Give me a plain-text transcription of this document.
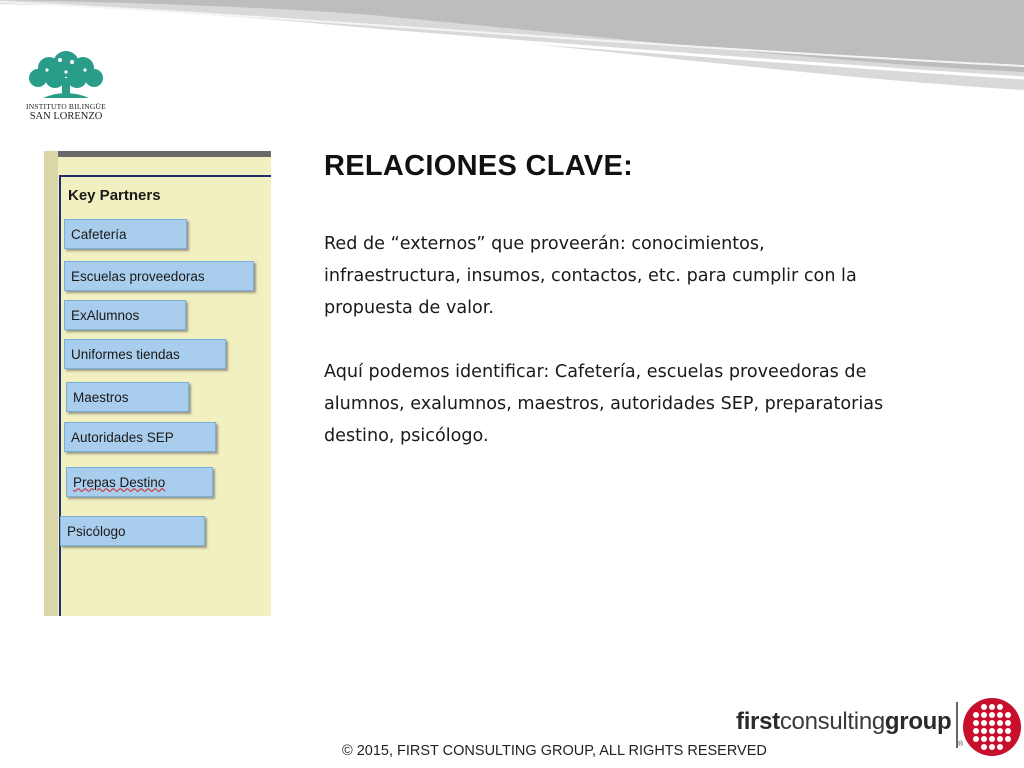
INSTITUTO BILINGÜE
SAN LORENZO
Key Partners
Cafetería
Escuelas proveedoras
ExAlumnos
Uniformes tiendas
Maestros
Autoridades SEP
Prepas Destino
Psicólogo
RELACIONES CLAVE:

Red de “externos” que proveerán: conocimientos, infraestructura, insumos, contactos, etc. para cumplir con la propuesta de valor.

Aquí podemos identificar: Cafetería, escuelas proveedoras de alumnos, exalumnos, maestros, autoridades SEP, preparatorias destino, psicólogo.

firstconsultinggroup
®
© 2015, FIRST CONSULTING GROUP, ALL RIGHTS RESERVED
